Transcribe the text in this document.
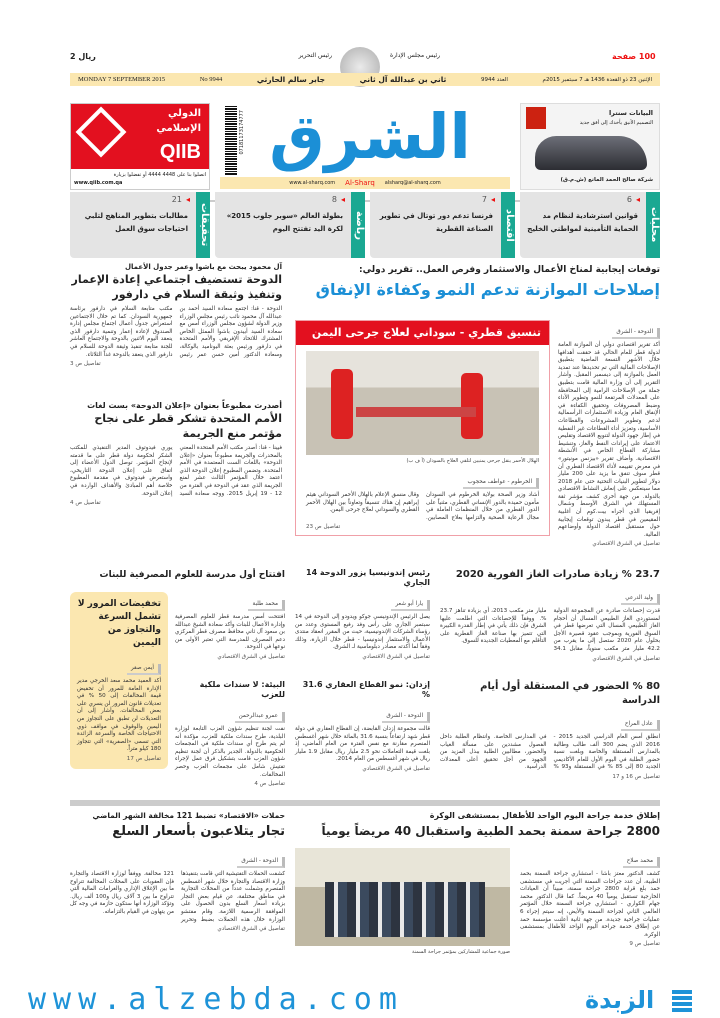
2 ريال	رئيس التحرير	رئيس مجلس الإدارة	100 صفحة
MONDAY 7 SEPTEMBER 2015	No 9944	جابر سالم الحارثي	ثاني بن عبدالله آل ثاني	العدد 9944	الإثنين 23 ذو القعدة 1436 هـ 7 سبتمبر 2015م
الدولي
الإسلامي
QIIB
اتصلوا بنا على 4448 4444 أو تفضلوا بزيارة
www.qiib.com.qa
07181173174777 الشرق
www.al-sharq.com Al-Sharq alsharq@al-sharq.com
البيانات سنترا
التصميم الأنيق يأخذك إلى أفق جديد
شركة صالح الحمد المانع (ش.م.ق)
محليات
6 ◂
قوانين استرشادية لنظام مد الحماية التأمينية لمواطني الخليج
اقتصاد
7 ◂
فرنسا تدعم دور توتال في تطوير الصناعة القطرية
رياضة
8 ◂
بطولة العالم «سوبر جلوب 2015» لكرة اليد تفتتح اليوم
تحقيقات
21 ◂
مطالبات بتطوير المناهج لتلبي احتياجات سوق العمل
توقعات إيجابية لمناخ الأعمال والاستثمار وفرص العمل.. تقرير دولي:
إصلاحات الموازنة تدعم النمو وكفاءة الإنفاق
الدوحة - الشرق
أكد تقرير اقتصادي دولي أن الموازنة العامة لدولة قطر للعام الحالي قد حققت أهدافها خلال الأشهر التسعة الماضية بتطبيق الإصلاحات المالية التي تم تحديدها عند تمديد العمل بالموازنة إلى ديسمبر المقبل. وأشار التقرير إلى أن وزارة المالية قامت بتطبيق جملة من الإصلاحات الرامية إلى المحافظة على المعدلات المرتفعة للنمو وتطوير الأداء وضبط المصروفات وتحقيق الكفاءة في الإنفاق العام وزيادة الاستثمارات الرأسمالية لدعم وتطوير المشروعات والقطاعات الأساسية، وتعزيز أداء القطاعات غير النفطية في إطار جهود الدولة لتنويع الاقتصاد وتقليص الاعتماد على إيرادات النفط والغاز، وتنشيط مشاركة القطاع الخاص في الأنشطة الاقتصادية. وأضاف تقرير «بيزنس مونيتور» في معرض تقييمه لأداء الاقتصاد القطري أن قطر سوف تنفق ما يزيد على 200 مليار دولار لتطوير البنيات التحتية حتى عام 2018 مما سينعكس على إنعاش النشاط الاقتصادي بالدولة. من جهة أخرى كشف مؤشر ثقة المستهلك في الشرق الأوسط وشمال إفريقيا الذي أجراه بيت.كوم أن أغلبية المقيمين في قطر يبدون توقعات إيجابية حول مستقبل اقتصاد الدولة وأوضاعهم المالية.
تفاصيل في الشرق الاقتصادي
تنسيق قطري - سوداني لعلاج جرحى اليمن
الهلال الأحمر ينقل جرحى يمنيين لتلقي العلاج بالسودان (أ ف ب)
الخرطوم - عواطف محجوب
أشاد وزير الصحة بولاية الخرطوم في السودان مأمون حميدة بالدور الإنساني القطري، مثنياً على الدور القطري من خلال المنظمات العاملة في مجال الرعاية الصحية والتزامها بعلاج المصابين. وقال منسق الإعلام بالهلال الأحمر السوداني هيثم إبراهيم إن هناك تنسيقاً وتعاوناً بين الهلال الأحمر القطري والسوداني لعلاج جرحى اليمن.
تفاصيل ص 23
آل محمود يبحث مع باشوا وعمر جدول الأعمال
الدوحة تستضيف اجتماعي إعادة الإعمار وتنفيذ وثيقة السلام في دارفور
الدوحة - قنا: اجتمع سعادة السيد أحمد بن عبدالله آل محمود نائب رئيس مجلس الوزراء وزير الدولة لشؤون مجلس الوزراء أمس مع سعادة السيد أبيدون باشوا الممثل الخاص المشترك للاتحاد الإفريقي والأمم المتحدة في دارفور ورئيس بعثة اليوناميد بالوكالة، وسعادة الدكتور أمين حسن عمر رئيس مكتب متابعة السلام في دارفور برئاسة جمهورية السودان. كما تم خلال الاجتماعين استعراض جدول أعمال اجتماع مجلس إدارة الصندوق لإعادة إعمار وتنمية دارفور الذي ينعقد اليوم الاثنين بالدوحة والاجتماع العاشر للجنة متابعة تنفيذ وثيقة الدوحة للسلام في دارفور الذي ينعقد بالدوحة غداً الثلاثاء.
تفاصيل ص 3
أصدرت مطبوعاً بعنوان «إعلان الدوحة» بست لغات
الأمم المتحدة تشكر قطر على نجاح مؤتمر منع الجريمة
فيينا - قنا: أصدر مكتب الأمم المتحدة المعني بالمخدرات والجريمة مطبوعاً بعنوان «إعلان الدوحة» باللغات الست المعتمدة في الأمم المتحدة. وتضمن المطبوع إعلان الدوحة الذي اعتمد خلال المؤتمر الثالث عشر لمنع الجريمة الذي عقد في الدوحة في الفترة من 12 - 19 إبريل 2015. ووجه سعادة السيد يوري فيدوتوف المدير التنفيذي للمكتب الشكر لحكومة دولة قطر على ما قدمته لإنجاح المؤتمر. توصل الدول الأعضاء إلى اتفاق على إعلان الدوحة التاريخي، واستعرض فيدوتوف في مقدمة المطبوع خلاصة أهم المبادئ والأهداف الواردة في إعلان الدوحة.
تفاصيل ص 4
23.7 % زيادة صادرات الغاز الفورية 2020
وليد الدرعي
قدرت إحصاءات صادرة عن المجموعة الدولية لمستوردي الغاز الطبيعي المسال أن أحجام الغاز الطبيعي المسال التي تعرضها قطر في السوق الفورية وبموجب عقود قصيرة الأجل بحلول عام 2020 ستصل إلى ما يقرب من 42.2 مليار متر مكعب سنوياً، مقابل 34.1 مليار متر مكعب 2013، أي بزيادة تناهز 23.7 %. ووفقاً للإحصاءات التي اطلعت عليها الشرق فإن ذلك يأتي في إطار القدرة الكبيرة التي تتميز بها صناعة الغاز القطرية على التأقلم مع المعطيات الجديدة للسوق.
تفاصيل في الشرق الاقتصادي
رئيس إندونيسيا يزور الدوحة 14 الجاري
يارا أبو شعر
يصل الرئيس الإندونيسي جوكو ويدودو إلى الدوحة في 14 سبتمبر الجاري على رأس وفد رفيع المستوى وعدد من رؤساء الشركات الإندونيسية، حيث من المقرر انعقاد منتدى الأعمال والاستثمار إندونيسيا - قطر خلال الزيارة، وذلك وفقاً لما أكدته مصادر دبلوماسية لـ الشرق.
تفاصيل في الشرق الاقتصادي
افتتاح أول مدرسة للعلوم المصرفية للبنات
محمد طلبة
افتتحت أمس مدرسة قطر للعلوم المصرفية وإدارة الأعمال للبنات وأكد سعادة الشيخ عبدالله بن سعود آل ثاني محافظ مصرف قطر المركزي دعم المصرف للمدرسة التي تعتبر الأولى من نوعها في الدوحة.
تفاصيل في الشرق الاقتصادي
80 % الحضور في المستقلة أول أيام الدراسة
عادل المراح
انطلق أمس العام الدراسي الجديد 2015 - 2016 الذي يضم 300 ألف طالب وطالبة بالمدارس المستقلة والخاصة وبلغت نسبة حضور الطلبة في اليوم الأول للعام الأكاديمي الجديد 80 إلى 85 % في المستقلة و93 % في المدارس الخاصة. وانتظام الطلبة داخل الفصول مشددين على مسألة الغياب والحضور، مطالبين الطلبة ببذل المزيد من الجهود من أجل تحقيق أعلى المعدلات الدراسية.
تفاصيل ص 16 و 17
إزدان: نمو القطاع العقاري 31.6 %
الدوحة - الشرق
قالت مجموعة إزدان القابضة، إن القطاع العقاري في دولة قطر شهد ارتفاعاً بنسبة 31.6 بالمائة خلال شهر أغسطس المنصرم مقارنة مع نفس الفترة من العام الماضي، إذ بلغت قيمة التعاملات نحو 2.5 مليار ريال مقابل 1.9 مليار ريال في شهر أغسطس من العام 2014.
تفاصيل في الشرق الاقتصادي
البيئة: لا سندات ملكية للعزب
عمرو عبدالرحمن
نفت لجنة تنظيم شؤون العزب التابعة لوزارة البلدية، طرح سندات ملكية للعزب، مؤكدة أنه لم يتم طرح أي سندات ملكية في المجمعات الحكومية بالدولة. الجدير بالذكر أن لجنة تنظيم شؤون العزب قامت بتشكيل فرق عمل لإجراء تفتيش شامل على مجمعات العزب وحصر المخالفات.
تفاصيل ص 4
تخفيضات المرور لا تشمل السرعة والتجاوز من اليمين
أيمن صقر
أكد العميد محمد سعد الخرجي مدير الإدارة العامة للمرور أن تخفيض قيمة المخالفات إلى 50 % في تعديلات قانون المرور لن يسري على بعض المخالفات. وأشار إلى أن التعديلات لن تطبق على التجاوز من اليمين والوقوف في مواقف ذوي الاحتياجات الخاصة والسرعة الزائدة التي تسمى «الصفرية» التي تتجاوز 180 كيلو متراً.
تفاصيل ص 17
إطلاق خدمة جراحة اليوم الواحد للأطفال بمستشفى الوكرة
2800 جراحة سمنة بحمد الطبية واستقبال 40 مريضاً يومياً
صورة جماعية للمشاركين بمؤتمر جراحة السمنة
محمد صلاح
كشف الدكتور معتز باشا - استشاري جراحة السمنة بحمد الطبية، أن عدد جراحات السمنة التي أجريت في مستشفى حمد بلغ قرابة 2800 جراحة سمنة، مبيناً أن العيادات الخارجية تستقبل يومياً 40 مريضاً. كما قال الدكتور محمد جهام الكواري - استشاري جراحة السمنة خلال المؤتمر العالمي الثاني لجراحة السمنة والأيض، إنه سيتم إجراء 6 عمليات جراحية جديدة. من جهة ثانية أعلنت مؤسسة حمد عن إطلاق خدمة جراحة اليوم الواحد للأطفال بمستشفى الوكرة.
تفاصيل ص 9
حملات «الاقتصاد» تضبط 121 مخالفة الشهر الماضي
تجار يتلاعبون بأسعار السلع
الدوحة - الشرق
كشفت الحملات التفتيشية التي قامت بتنفيذها وزارة الاقتصاد والتجارة خلال شهر أغسطس المنصرم وشملت عدداً من المحلات التجارية في مناطق مختلفة، عن قيام بعض التجار بزيادة أسعار السلع بدون الحصول على الموافقة الرسمية اللازمة. وقام مفتشو الوزارة خلال هذه الحملات بضبط وتحرير 121 مخالفة. ووفقاً لوزارة الاقتصاد والتجارة فإن العقوبات على المحلات المخالفة تتراوح ما بين الإغلاق الإداري والغرامات المالية التي تتراوح ما بين 3 آلاف ريال و100 ألف ريال. وتؤكد الوزارة أنها ستكون حازمة في وجه كل من يتهاون في القيام بالتزاماته.
تفاصيل في الشرق الاقتصادي
www.alzebda.com	الزبدة
